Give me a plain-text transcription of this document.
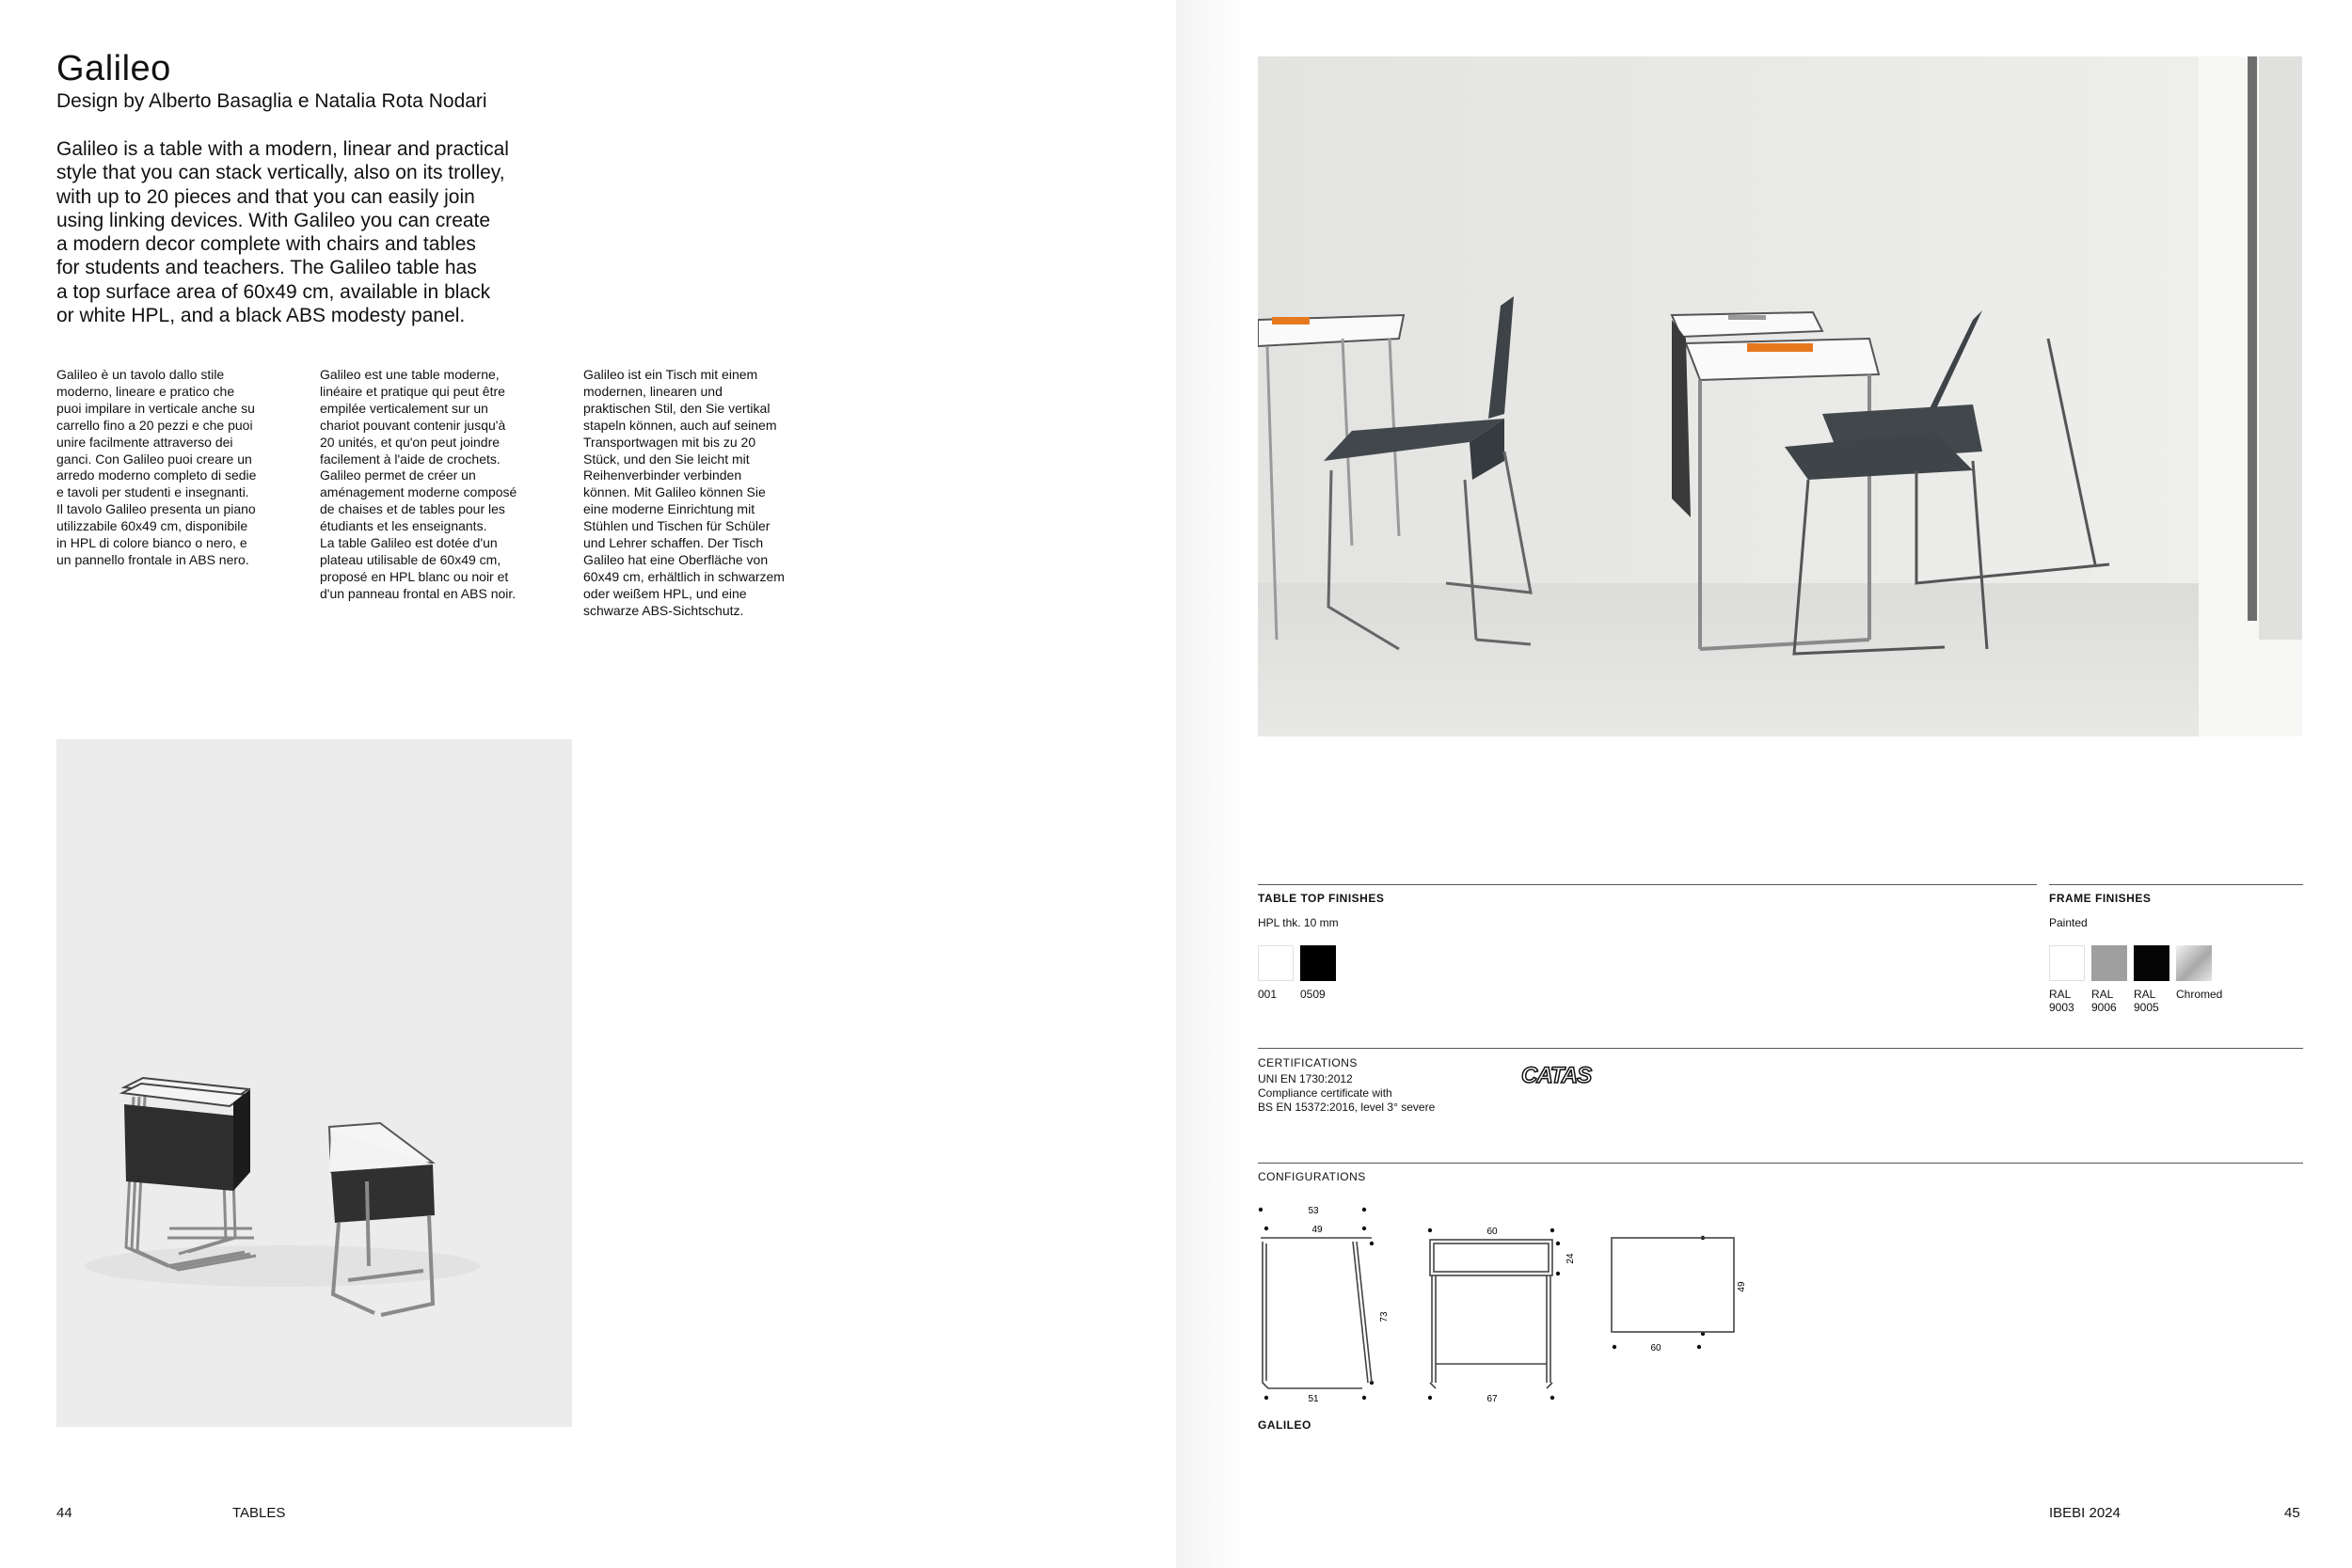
Galileo
Design by Alberto Basaglia e Natalia Rota Nodari
Galileo is a table with a modern, linear and practical
style that you can stack vertically, also on its trolley,
with up to 20 pieces and that you can easily join
using linking devices. With Galileo you can create
a modern decor complete with chairs and tables
for students and teachers. The Galileo table has
a top surface area of 60x49 cm, available in black
or white HPL, and a black ABS modesty panel.
Galileo è un tavolo dallo stile
moderno, lineare e pratico che
puoi impilare in verticale anche su
carrello fino a 20 pezzi e che puoi
unire facilmente attraverso dei
ganci. Con Galileo puoi creare un
arredo moderno completo di sedie
e tavoli per studenti e insegnanti.
Il tavolo Galileo presenta un piano
utilizzabile 60x49 cm, disponibile
in HPL di colore bianco o nero, e
un pannello frontale in ABS nero.
Galileo est une table moderne,
linéaire et pratique qui peut être
empilée verticalement sur un
chariot pouvant contenir jusqu'à
20 unités, et qu'on peut joindre
facilement à l'aide de crochets.
Galileo permet de créer un
aménagement moderne composé
de chaises et de tables pour les
étudiants et les enseignants.
La table Galileo est dotée d'un
plateau utilisable de 60x49 cm,
proposé en HPL blanc ou noir et
d'un panneau frontal en ABS noir.
Galileo ist ein Tisch mit einem
modernen, linearen und
praktischen Stil, den Sie vertikal
stapeln können, auch auf seinem
Transportwagen mit bis zu 20
Stück, und den Sie leicht mit
Reihenverbinder verbinden
können. Mit Galileo können Sie
eine moderne Einrichtung mit
Stühlen und Tischen für Schüler
und Lehrer schaffen. Der Tisch
Galileo hat eine Oberfläche von
60x49 cm, erhältlich in schwarzem
oder weißem HPL, und eine
schwarze ABS-Sichtschutz.
44	TABLES
TABLE TOP FINISHES
HPL thk. 10 mm
001 0509
FRAME FINISHES
Painted
RAL
9003
RAL
9006
RAL
9005
Chromed
CERTIFICATIONS
UNI EN 1730:2012
Compliance certificate with
BS EN 15372:2016, level 3° severe
CATAS
CONFIGURATIONS
53
49
73
51
60
24
67
60
49
GALILEO
IBEBI 2024	45
